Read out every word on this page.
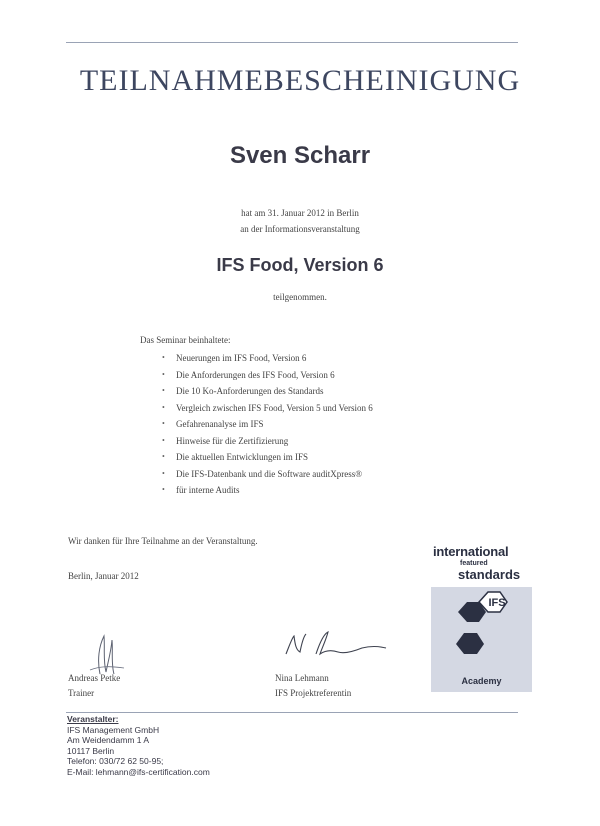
TEILNAHMEBESCHEINIGUNG
Sven Scharr
hat am 31. Januar 2012 in Berlin
an der Informationsveranstaltung
IFS Food, Version 6
teilgenommen.
Das Seminar beinhaltete:
• Neuerungen im IFS Food, Version 6
• Die Anforderungen des IFS Food, Version 6
• Die 10 Ko-Anforderungen des Standards
• Vergleich zwischen IFS Food, Version 5 und Version 6
• Gefahrenanalyse im IFS
• Hinweise für die Zertifizierung
• Die aktuellen Entwicklungen im IFS
• Die IFS-Datenbank und die Software auditXpress®
• für interne Audits
Wir danken für Ihre Teilnahme an der Veranstaltung.
Berlin, Januar 2012
international
featured
standards
IFS
Academy
Andreas Petke
Trainer
Nina Lehmann
IFS Projektreferentin
Veranstalter:
IFS Management GmbH
Am Weidendamm 1 A
10117 Berlin
Telefon: 030/72 62 50-95;
E-Mail: lehmann@ifs-certification.com
